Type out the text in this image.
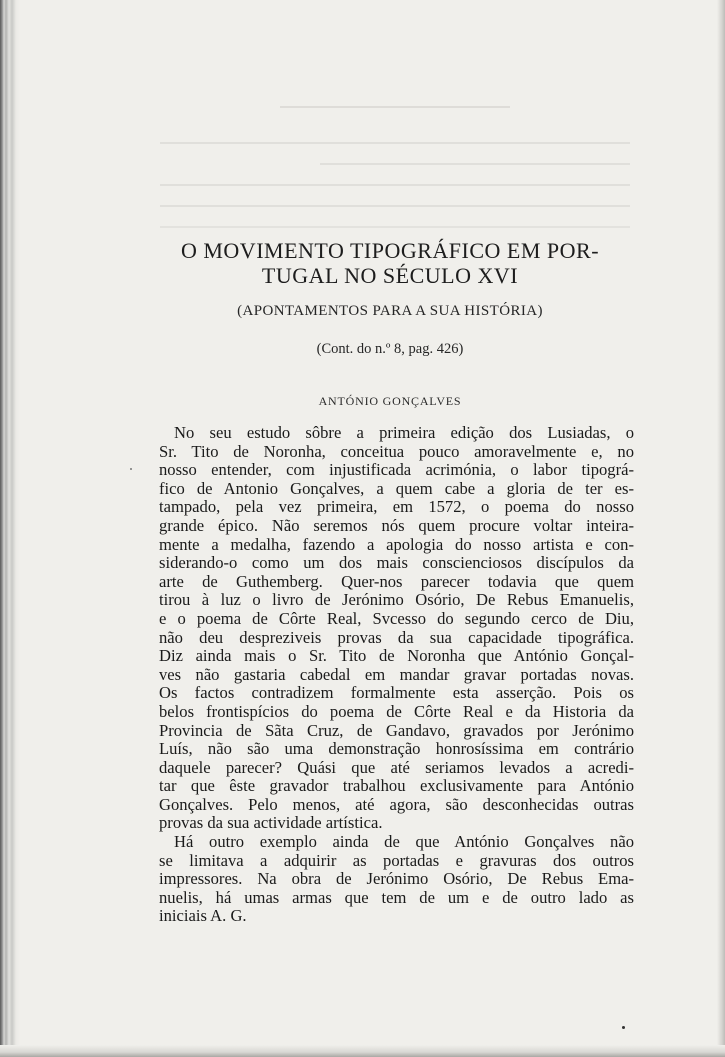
O MOVIMENTO TIPOGRÁFICO EM POR-
TUGAL NO SÉCULO XVI
(APONTAMENTOS PARA A SUA HISTÓRIA)
(Cont. do n.º 8, pag. 426)
ANTÓNIO GONÇALVES
No seu estudo sôbre a primeira edição dos Lusiadas, o
Sr. Tito de Noronha, conceitua pouco amoravelmente e, no
nosso entender, com injustificada acrimónia, o labor tipográ-
fico de Antonio Gonçalves, a quem cabe a gloria de ter es-
tampado, pela vez primeira, em 1572, o poema do nosso
grande épico. Não seremos nós quem procure voltar inteira-
mente a medalha, fazendo a apologia do nosso artista e con-
siderando-o como um dos mais conscienciosos discípulos da
arte de Guthemberg. Quer-nos parecer todavia que quem
tirou à luz o livro de Jerónimo Osório, De Rebus Emanuelis,
e o poema de Côrte Real, Svcesso do segundo cerco de Diu,
não deu despreziveis provas da sua capacidade tipográfica.
Diz ainda mais o Sr. Tito de Noronha que António Gonçal-
ves não gastaria cabedal em mandar gravar portadas novas.
Os factos contradizem formalmente esta asserção. Pois os
belos frontispícios do poema de Côrte Real e da Historia da
Provincia de Sãta Cruz, de Gandavo, gravados por Jerónimo
Luís, não são uma demonstração honrosíssima em contrário
daquele parecer? Quási que até seriamos levados a acredi-
tar que êste gravador trabalhou exclusivamente para António
Gonçalves. Pelo menos, até agora, são desconhecidas outras
provas da sua actividade artística.
Há outro exemplo ainda de que António Gonçalves não
se limitava a adquirir as portadas e gravuras dos outros
impressores. Na obra de Jerónimo Osório, De Rebus Ema-
nuelis, há umas armas que tem de um e de outro lado as
iniciais A. G.
